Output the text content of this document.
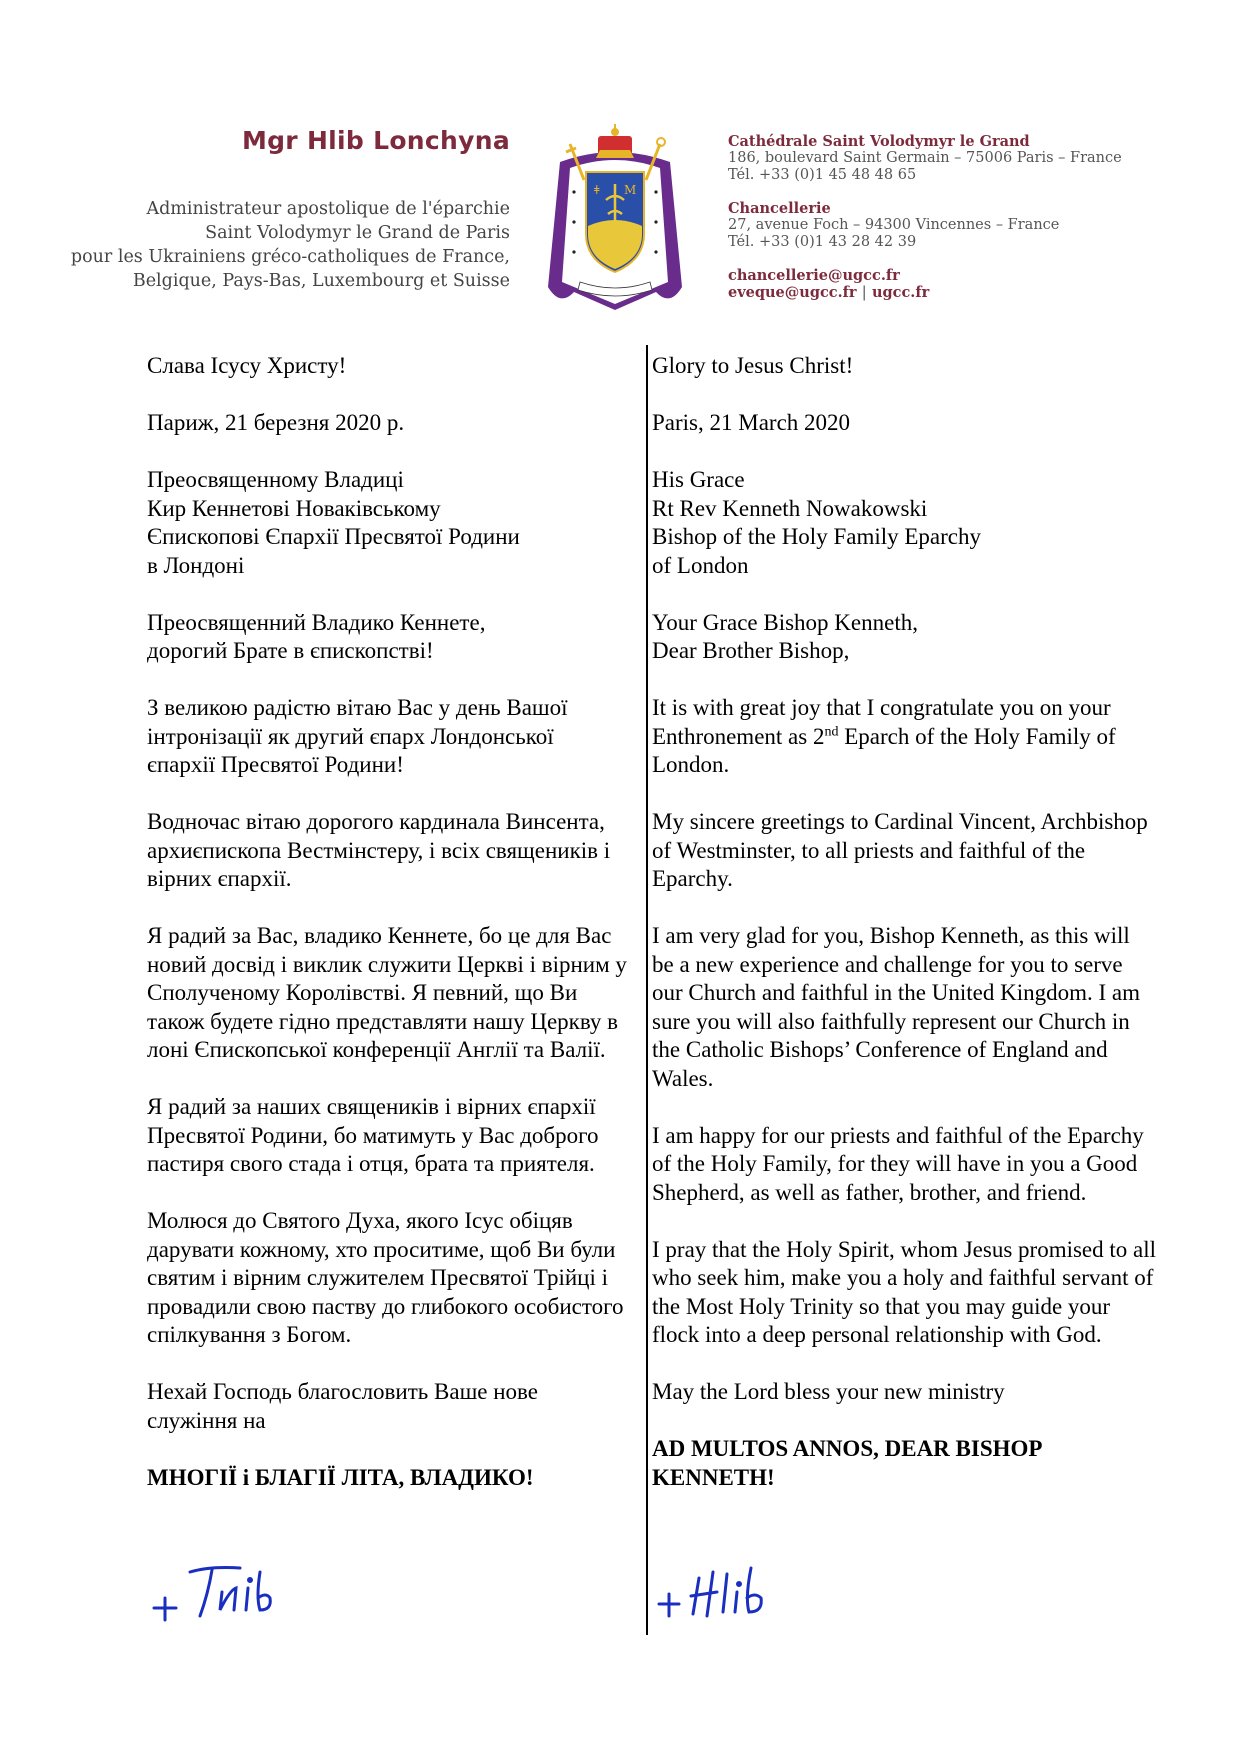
Mgr Hlib Lonchyna
Administrateur apostolique de l'éparchie
Saint Volodymyr le Grand de Paris
pour les Ukrainiens gréco-catholiques de France,
Belgique, Pays-Bas, Luxembourg et Suisse
ǂ M
Cathédrale Saint Volodymyr le Grand
186, boulevard Saint Germain – 75006 Paris – France
Tél. +33 (0)1 45 48 48 65
Chancellerie
27, avenue Foch – 94300 Vincennes – France
Tél. +33 (0)1 43 28 42 39
chancellerie@ugcc.fr
eveque@ugcc.fr | ugcc.fr
Слава Ісусу Христу!
Париж, 21 березня 2020 р.
Преосвященному Владиці
Кир Кеннетові Новаківському
Єпископові Єпархії Пресвятої Родини
в Лондоні
Преосвященний Владико Кеннете,
дорогий Брате в єпископстві!
З великою радістю вітаю Вас у день Вашої інтронізації як другий єпарх Лондонської єпархії Пресвятої Родини!
Водночас вітаю дорогого кардинала Винсента, архиєпископа Вестмінстеру, і всіх священиків і вірних єпархії.
Я радий за Вас, владико Кеннете, бо це для Вас новий досвід і виклик служити Церкві і вірним у Сполученому Королівстві. Я певний, що Ви також будете гідно представляти нашу Церкву в лоні Єпископської конференції Англії та Валії.
Я радий за наших священиків і вірних єпархії Пресвятої Родини, бо матимуть у Вас доброго пастиря свого стада і отця, брата та приятеля.
Молюся до Святого Духа, якого Ісус обіцяв дарувати кожному, хто проситиме, щоб Ви були святим і вірним служителем Пресвятої Трійці і провадили свою паству до глибокого особистого спілкування з Богом.
Нехай Господь благословить Ваше нове служіння на
МНОГІЇ і БЛАГІЇ ЛІТА, ВЛАДИКО!
Glory to Jesus Christ!
Paris, 21 March 2020
His Grace
Rt Rev Kenneth Nowakowski
Bishop of the Holy Family Eparchy
of London
Your Grace Bishop Kenneth,
Dear Brother Bishop,
It is with great joy that I congratulate you on your Enthronement as 2nd Eparch of the Holy Family of London.
My sincere greetings to Cardinal Vincent, Archbishop of Westminster, to all priests and faithful of the Eparchy.
I am very glad for you, Bishop Kenneth, as this will be a new experience and challenge for you to serve our Church and faithful in the United Kingdom. I am sure you will also faithfully represent our Church in the Catholic Bishops’ Conference of England and Wales.
I am happy for our priests and faithful of the Eparchy of the Holy Family, for they will have in you a Good Shepherd, as well as father, brother, and friend.
I pray that the Holy Spirit, whom Jesus promised to all who seek him, make you a holy and faithful servant of the Most Holy Trinity so that you may guide your flock into a deep personal relationship with God.
May the Lord bless your new ministry
AD MULTOS ANNOS, DEAR BISHOP KENNETH!
